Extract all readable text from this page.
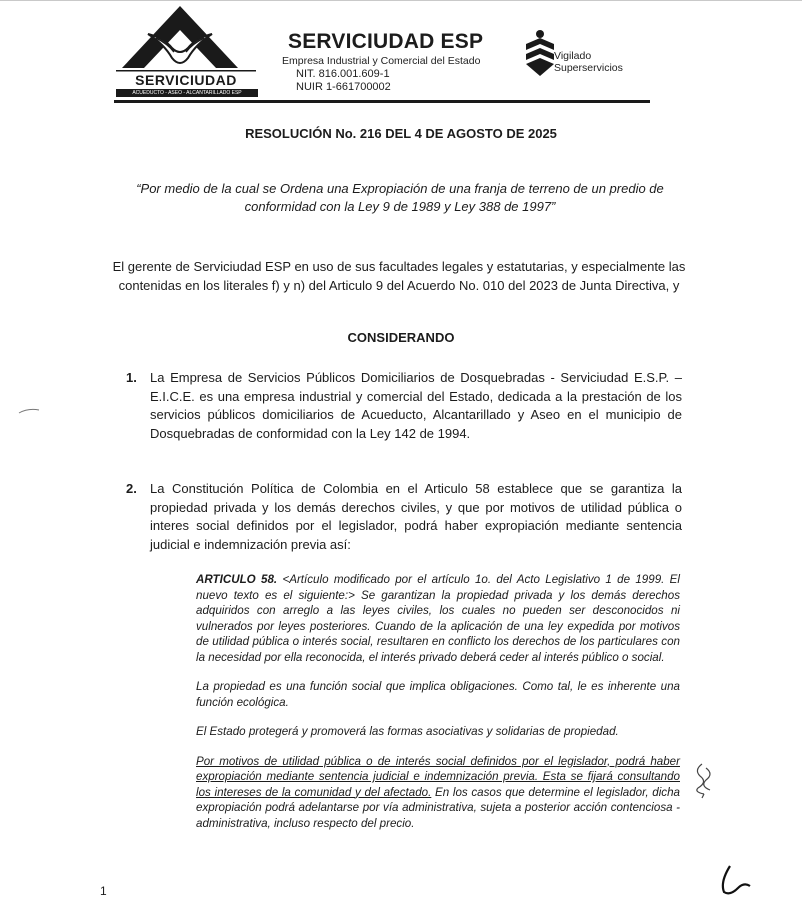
SERVICIUDAD
ACUEDUCTO - ASEO - ALCANTARILLADO ESP
SERVICIUDAD ESP
Empresa Industrial y Comercial del Estado
NIT. 816.001.609-1
NUIR 1-661700002
Vigilado
Superservicios
RESOLUCIÓN No. 216 DEL 4 DE AGOSTO DE 2025
“Por medio de la cual se Ordena una Expropiación de una franja de terreno de un predio de
conformidad con la Ley 9 de 1989 y Ley 388 de 1997”
El gerente de Serviciudad ESP en uso de sus facultades legales y estatutarias, y especialmente las
contenidas en los literales f) y n) del Articulo 9 del Acuerdo No. 010 del 2023 de Junta Directiva, y
CONSIDERANDO
1. La Empresa de Servicios Públicos Domiciliarios de Dosquebradas - Serviciudad E.S.P. – E.I.C.E. es una empresa industrial y comercial del Estado, dedicada a la prestación de los servicios públicos domiciliarios de Acueducto, Alcantarillado y Aseo en el municipio de Dosquebradas de conformidad con la Ley 142 de 1994.
2. La Constitución Política de Colombia en el Articulo 58 establece que se garantiza la propiedad privada y los demás derechos civiles, y que por motivos de utilidad pública o interes social definidos por el legislador, podrá haber expropiación mediante sentencia judicial e indemnización previa así:

ARTICULO 58. <Artículo modificado por el artículo 1o. del Acto Legislativo 1 de 1999. El nuevo texto es el siguiente:> Se garantizan la propiedad privada y los demás derechos adquiridos con arreglo a las leyes civiles, los cuales no pueden ser desconocidos ni vulnerados por leyes posteriores. Cuando de la aplicación de una ley expedida por motivos de utilidad pública o interés social, resultaren en conflicto los derechos de los particulares con la necesidad por ella reconocida, el interés privado deberá ceder al interés público o social.

La propiedad es una función social que implica obligaciones. Como tal, le es inherente una función ecológica.

El Estado protegerá y promoverá las formas asociativas y solidarias de propiedad.

Por motivos de utilidad pública o de interés social definidos por el legislador, podrá haber expropiación mediante sentencia judicial e indemnización previa. Esta se fijará consultando los intereses de la comunidad y del afectado. En los casos que determine el legislador, dicha expropiación podrá adelantarse por vía administrativa, sujeta a posterior acción contenciosa - administrativa, incluso respecto del precio.

1
